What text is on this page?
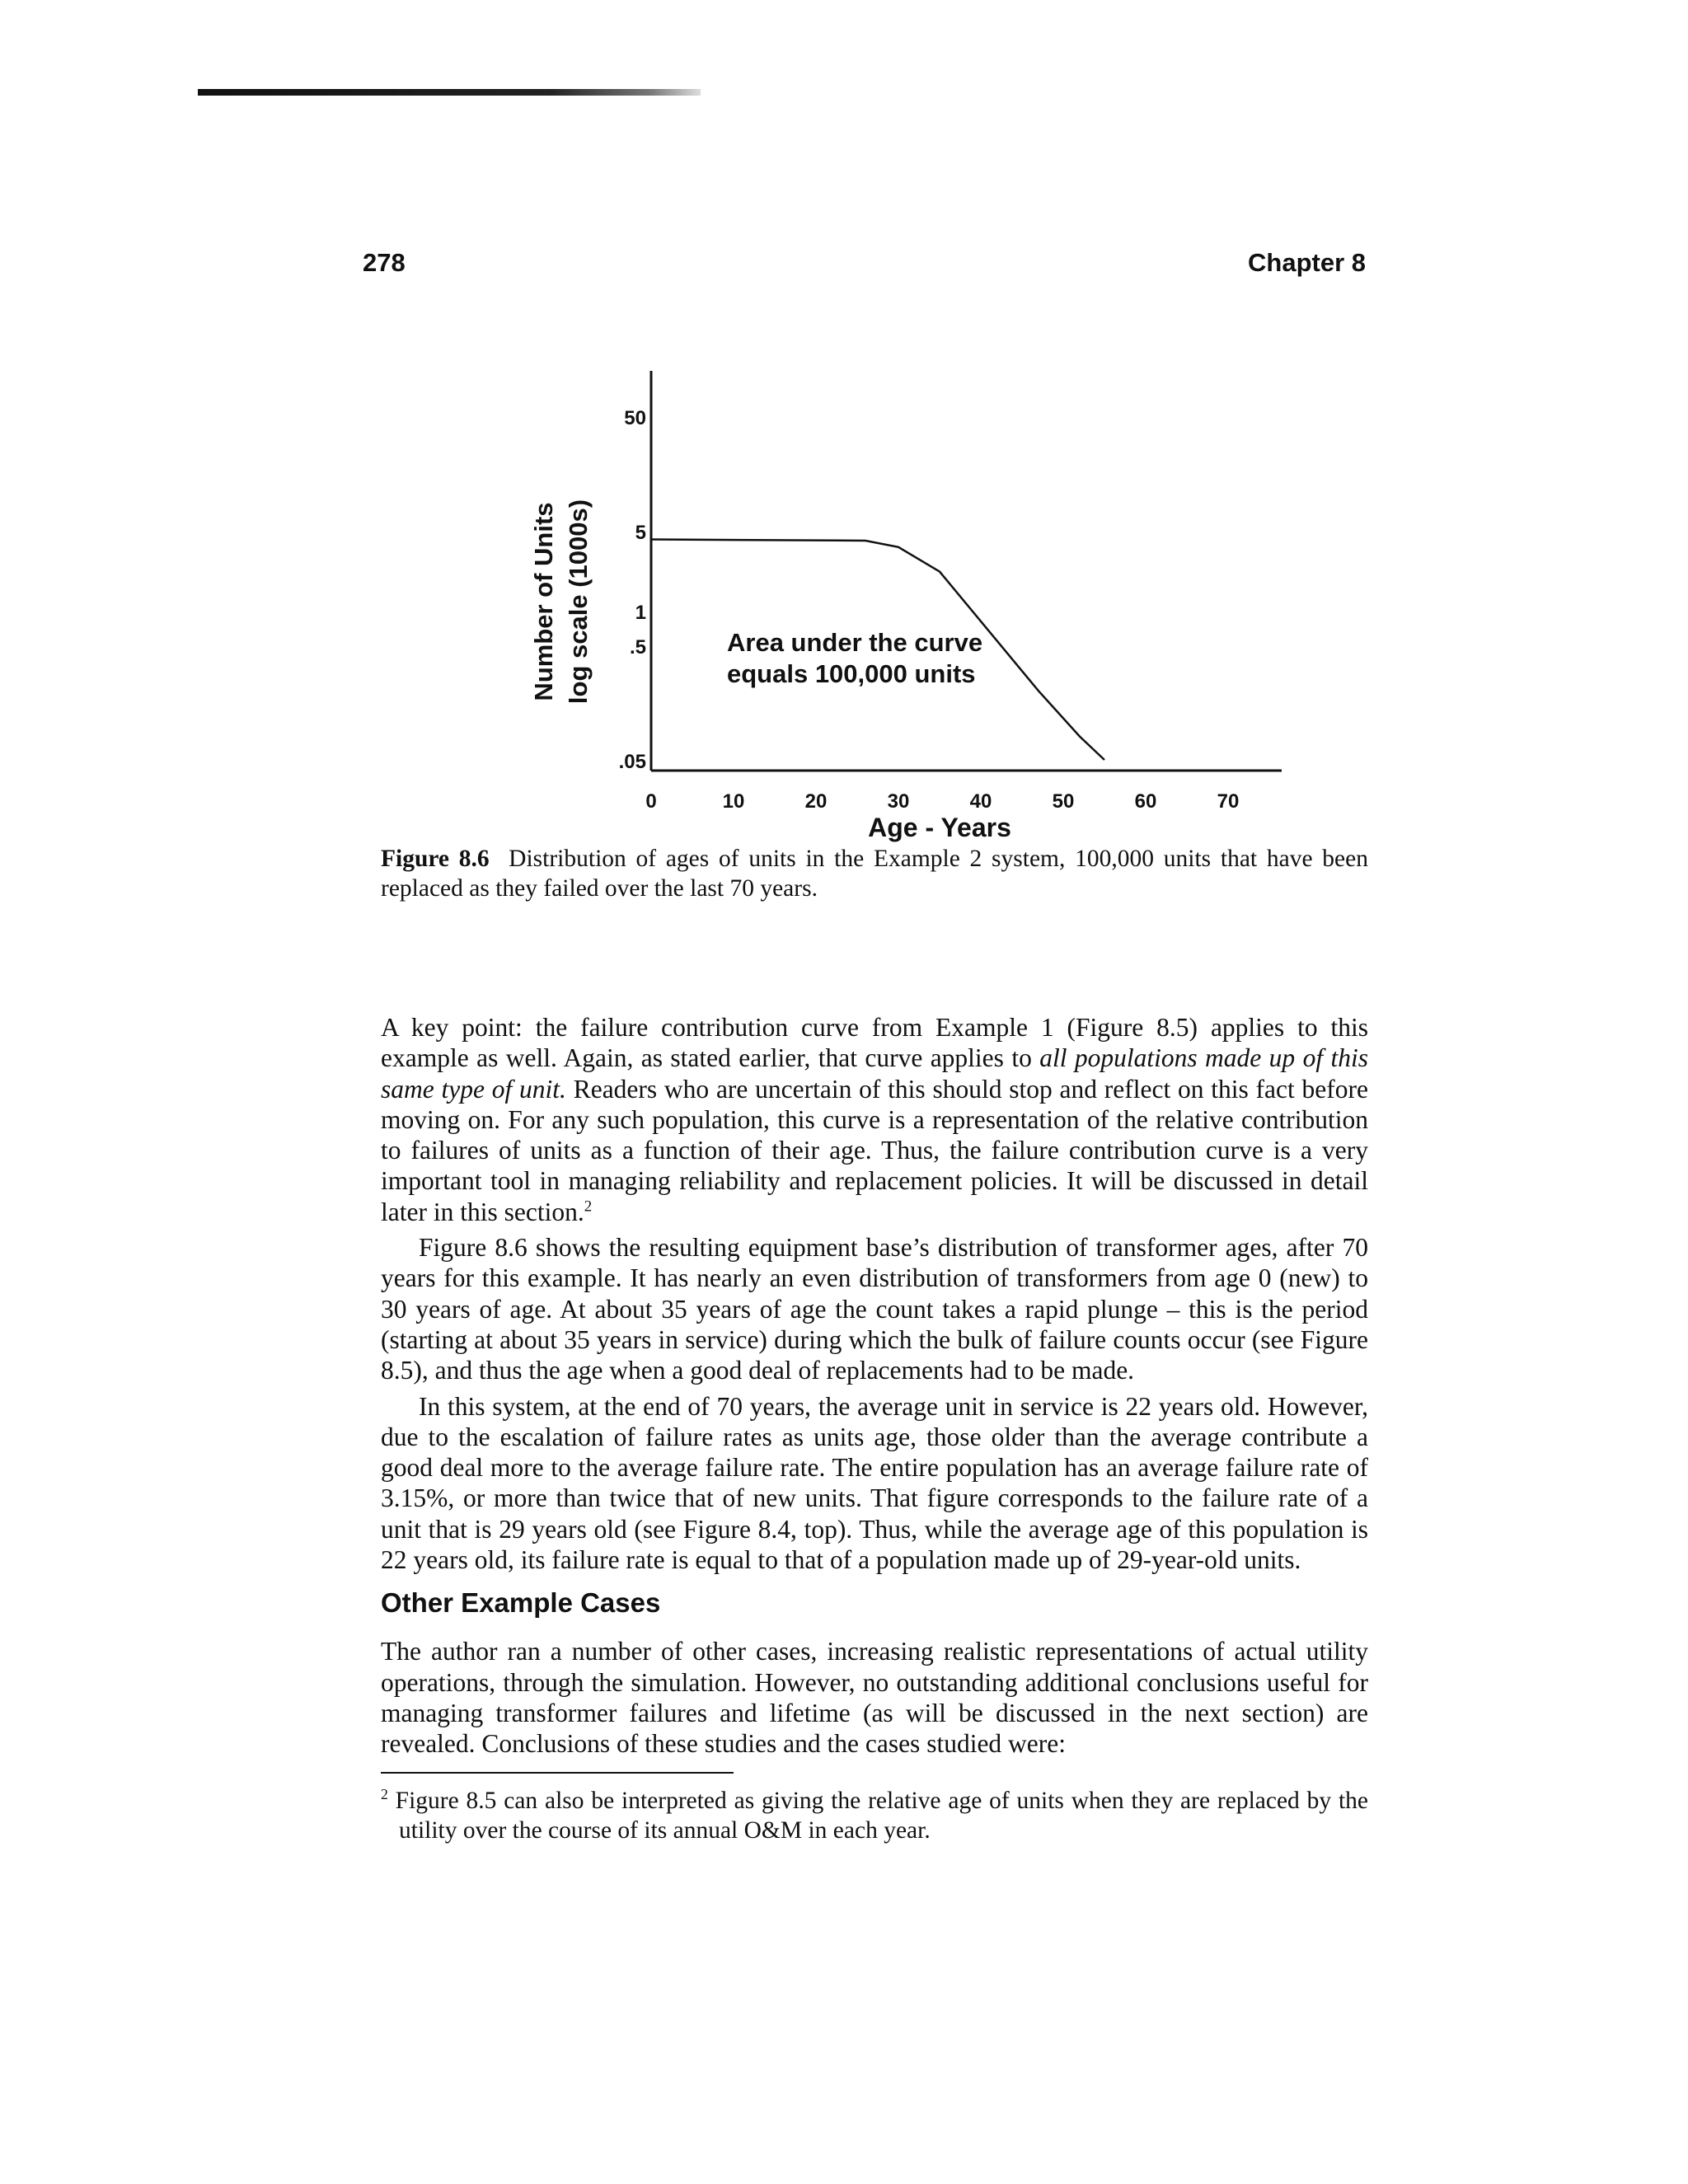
278	Chapter 8
50
5
1
.5
.05
0	10	20	30	40	50	60	70
Number of Units log scale (1000s)	Area under the curve
equals 100,000 units
Age - Years
Figure 8.6 Distribution of ages of units in the Example 2 system, 100,000 units that have been replaced as they failed over the last 70 years.

A key point: the failure contribution curve from Example 1 (Figure 8.5) applies to this example as well. Again, as stated earlier, that curve applies to all populations made up of this same type of unit. Readers who are uncertain of this should stop and reflect on this fact before moving on. For any such population, this curve is a representation of the relative contribution to failures of units as a function of their age. Thus, the failure contribution curve is a very important tool in managing reliability and replacement policies. It will be discussed in detail later in this section.$^2$

Figure 8.6 shows the resulting equipment base’s distribution of transformer ages, after 70 years for this example. It has nearly an even distribution of transformers from age 0 (new) to 30 years of age. At about 35 years of age the count takes a rapid plunge – this is the period (starting at about 35 years in service) during which the bulk of failure counts occur (see Figure 8.5), and thus the age when a good deal of replacements had to be made.

In this system, at the end of 70 years, the average unit in service is 22 years old. However, due to the escalation of failure rates as units age, those older than the average contribute a good deal more to the average failure rate. The entire population has an average failure rate of 3.15%, or more than twice that of new units. That figure corresponds to the failure rate of a unit that is 29 years old (see Figure 8.4, top). Thus, while the average age of this population is 22 years old, its failure rate is equal to that of a population made up of 29-year-old units.

Other Example Cases

The author ran a number of other cases, increasing realistic representations of actual utility operations, through the simulation. However, no outstanding additional conclusions useful for managing transformer failures and lifetime (as will be discussed in the next section) are revealed. Conclusions of these studies and the cases studied were:

$^2$ Figure 8.5 can also be interpreted as giving the relative age of units when they are replaced by the utility over the course of its annual O&M in each year.
